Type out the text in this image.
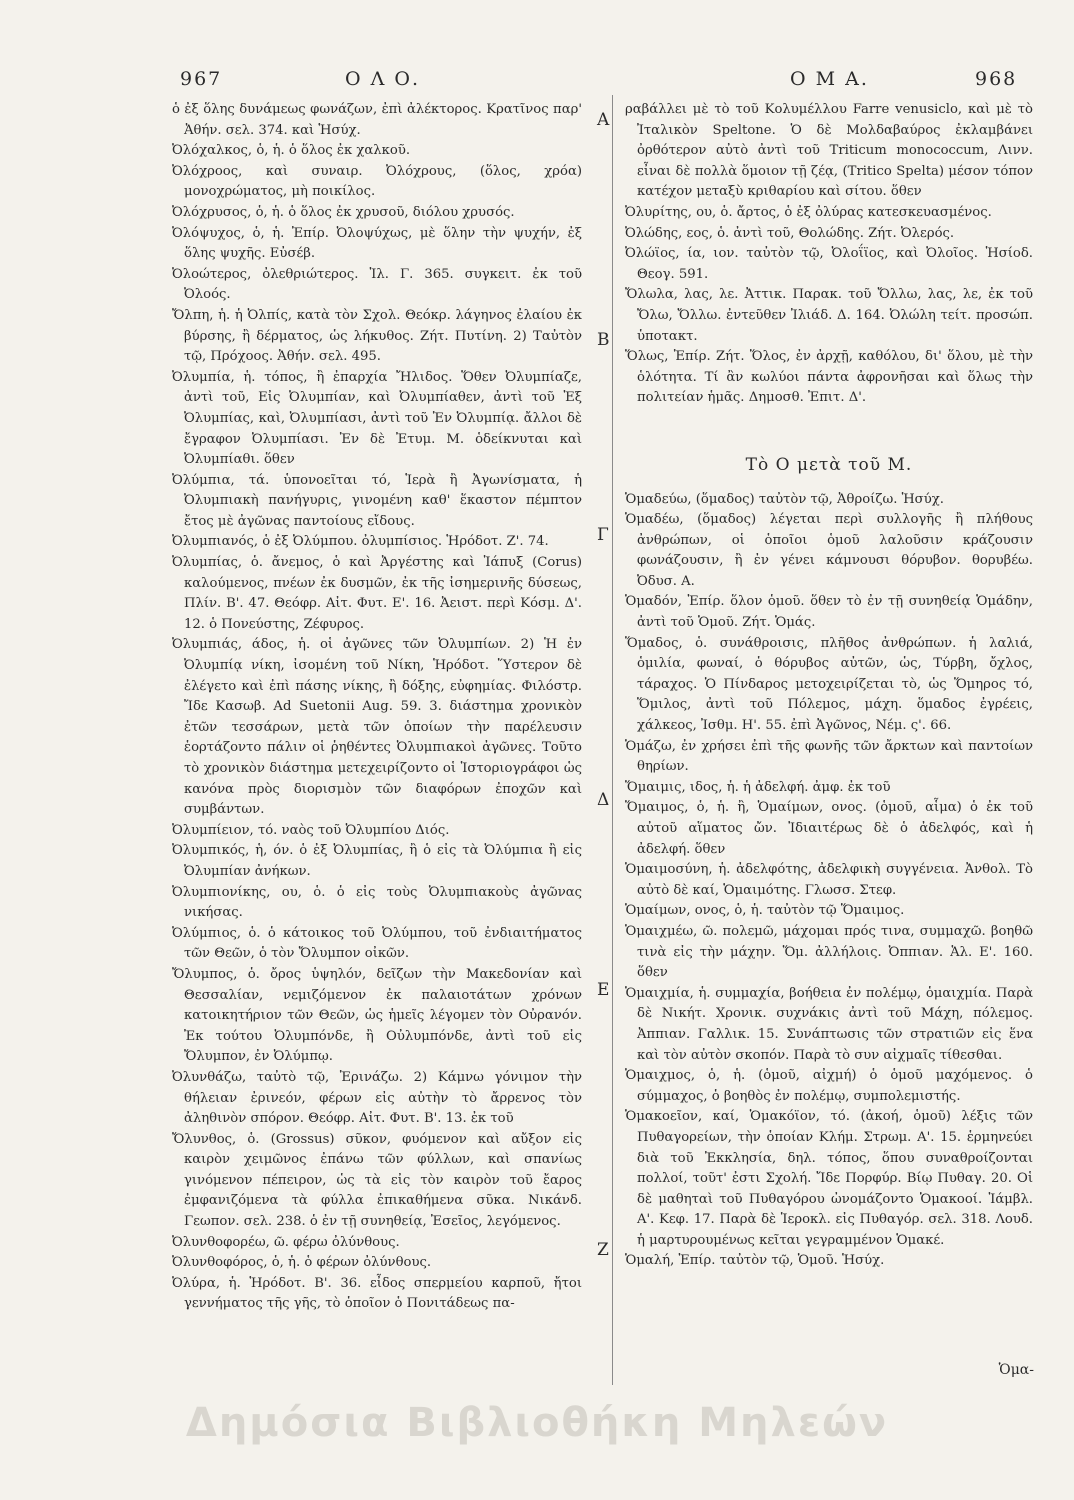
967	Ο Λ Ο.	Ο Μ Α.	968

ὁ ἐξ ὅλης δυνάμεως φωνάζων, ἐπὶ ἀλέκτορος. Κρατῖνος παρ' Ἀθήν. σελ. 374. καὶ Ἡσύχ.

Ὀλόχαλκος, ὁ, ἡ. ὁ ὅλος ἐκ χαλκοῦ.

Ὀλόχροος, καὶ συναιρ. Ὀλόχρους, (ὅλος, χρόα) μονοχρώματος, μὴ ποικίλος.

Ὀλόχρυσος, ὁ, ἡ. ὁ ὅλος ἐκ χρυσοῦ, διόλου χρυσός.

Ὀλόψυχος, ὁ, ἡ. Ἐπίρ. Ὀλοψύχως, μὲ ὅλην τὴν ψυχήν, ἐξ ὅλης ψυχῆς. Εὐσέβ.

Ὀλοώτερος, ὀλεθριώτερος. Ἰλ. Γ. 365. συγκειτ. ἐκ τοῦ Ὀλοός.

Ὄλπη, ἡ. ἡ Ὀλπίς, κατὰ τὸν Σχολ. Θεόκρ. λάγηνος ἐλαίου ἐκ βύρσης, ἢ δέρματος, ὡς λήκυθος. Ζήτ. Πυτίνη. 2) Ταὐτὸν τῷ, Πρόχοος. Ἀθήν. σελ. 495.

Ὀλυμπία, ἡ. τόπος, ἢ ἐπαρχία Ἤλιδος. Ὅθεν Ὀλυμπίαζε, ἀντὶ τοῦ, Εἰς Ὀλυμπίαν, καὶ Ὀλυμπίαθεν, ἀντὶ τοῦ Ἐξ Ὀλυμπίας, καὶ, Ὀλυμπίασι, ἀντὶ τοῦ Ἐν Ὀλυμπίᾳ. ἄλλοι δὲ ἔγραφον Ὀλυμπίασι. Ἐν δὲ Ἐτυμ. Μ. ὁδείκνυται καὶ Ὀλυμπίαθι. ὅθεν

Ὀλύμπια, τά. ὑπονοεῖται τό, Ἱερὰ ἢ Ἀγωνίσματα, ἡ Ὀλυμπιακὴ πανήγυρις, γινομένη καθ' ἕκαστον πέμπτον ἔτος μὲ ἀγῶνας παντοίους εἴδους.

Ὀλυμπιανός, ὁ ἐξ Ὀλύμπου. ὀλυμπίσιος. Ἡρόδοτ. Ζ'. 74.

Ὀλυμπίας, ὁ. ἄνεμος, ὁ καὶ Ἀργέστης καὶ Ἰάπυξ (Corus) καλούμενος, πνέων ἐκ δυσμῶν, ἐκ τῆς ἰσημερινῆς δύσεως, Πλίν. Β'. 47. Θεόφρ. Αἰτ. Φυτ. Ε'. 16. Ἀειστ. περὶ Κόσμ. Δ'. 12. ὁ Πονεύστης, Ζέφυρος.

Ὀλυμπιάς, άδος, ἡ. οἱ ἀγῶνες τῶν Ὀλυμπίων. 2) Ἡ ἐν Ὀλυμπίᾳ νίκη, ἰσομένη τοῦ Νίκη, Ἡρόδοτ. Ὕστερον δὲ ἐλέγετο καὶ ἐπὶ πάσης νίκης, ἢ δόξης, εὐφημίας. Φιλόστρ. Ἴδε Κασωβ. Ad Suetonii Aug. 59. 3. διάστημα χρονικὸν ἐτῶν τεσσάρων, μετὰ τῶν ὁποίων τὴν παρέλευσιν ἑορτάζοντο πάλιν οἱ ῥηθέντες Ὀλυμπιακοὶ ἀγῶνες. Τοῦτο τὸ χρονικὸν διάστημα μετεχειρίζοντο οἱ Ἱστοριογράφοι ὡς κανόνα πρὸς διορισμὸν τῶν διαφόρων ἐποχῶν καὶ συμβάντων.

Ὀλυμπίειον, τό. ναὸς τοῦ Ὀλυμπίου Διός.

Ὀλυμπικός, ἡ, όν. ὁ ἐξ Ὀλυμπίας, ἢ ὁ εἰς τὰ Ὀλύμπια ἢ εἰς Ὀλυμπίαν ἀνήκων.

Ὀλυμπιονίκης, ου, ὁ. ὁ εἰς τοὺς Ὀλυμπιακοὺς ἀγῶνας νικήσας.

Ὀλύμπιος, ὁ. ὁ κάτοικος τοῦ Ὀλύμπου, τοῦ ἐνδιαιτήματος τῶν Θεῶν, ὁ τὸν Ὄλυμπον οἰκῶν.

Ὄλυμπος, ὁ. ὄρος ὑψηλόν, δεῖζων τὴν Μακεδονίαν καὶ Θεσσαλίαν, νεμιζόμενον ἐκ παλαιοτάτων χρόνων κατοικητήριον τῶν Θεῶν, ὡς ἡμεῖς λέγομεν τὸν Οὐρανόν. Ἐκ τούτου Ὀλυμπόνδε, ἢ Οὐλυμπόνδε, ἀντὶ τοῦ εἰς Ὄλυμπον, ἐν Ὀλύμπῳ.

Ὀλυνθάζω, ταὐτὸ τῷ, Ἐρινάζω. 2) Κάμνω γόνιμον τὴν θήλειαν ἐρινεόν, φέρων εἰς αὐτὴν τὸ ἄρρενος τὸν ἀληθινὸν σπόρον. Θεόφρ. Αἰτ. Φυτ. Β'. 13. ἐκ τοῦ

Ὄλυνθος, ὁ. (Grossus) σῦκον, φυόμενον καὶ αὔξον εἰς καιρὸν χειμῶνος ἐπάνω τῶν φύλλων, καὶ σπανίως γινόμενον πέπειρον, ὡς τὰ εἰς τὸν καιρὸν τοῦ ἔαρος ἐμφανιζόμενα τὰ φύλλα ἐπικαθήμενα σῦκα. Νικάνδ. Γεωπον. σελ. 238. ὁ ἐν τῇ συνηθείᾳ, Ἐσεῖος, λεγόμενος.

Ὀλυνθοφορέω, ῶ. φέρω ὀλύνθους.

Ὀλυνθοφόρος, ὁ, ἡ. ὁ φέρων ὀλύνθους.

Ὀλύρα, ἡ. Ἡρόδοτ. Β'. 36. εἶδος σπερμείου καρποῦ, ἤτοι γεννήματος τῆς γῆς, τὸ ὁποῖον ὁ Πονιτάδεως πα-

Α
Β
Γ
Δ
Ε
Ζ

ραβάλλει μὲ τὸ τοῦ Κολυμέλλου Farre venusiclo, καὶ μὲ τὸ Ἰταλικὸν Speltone. Ὁ δὲ Μολδαβαύρος ἐκλαμβάνει ὀρθότερον αὐτὸ ἀντὶ τοῦ Triticum monococcum, Λινν. εἶναι δὲ πολλὰ ὅμοιον τῇ ζέᾳ, (Tritico Spelta) μέσον τόπον κατέχον μεταξὺ κριθαρίου καὶ σίτου. ὅθεν

Ὀλυρίτης, ου, ὁ. ἄρτος, ὁ ἐξ ὀλύρας κατεσκευασμένος.

Ὀλώδης, εος, ὁ. ἀντὶ τοῦ, Θολώδης. Ζήτ. Ὀλερός.

Ὀλώϊος, ία, ιον. ταὐτὸν τῷ, Ὀλοΐϊος, καὶ Ὀλοῖος. Ἡσίοδ. Θεογ. 591.

Ὄλωλα, λας, λε. Ἀττικ. Παρακ. τοῦ Ὄλλω, λας, λε, ἐκ τοῦ Ὄλω, Ὄλλω. ἐντεῦθεν Ἰλιάδ. Δ. 164. Ὀλώλη τείτ. προσώπ. ὑποτακτ.

Ὅλως, Ἐπίρ. Ζήτ. Ὅλος, ἐν ἀρχῇ, καθόλου, δι' ὅλου, μὲ τὴν ὁλότητα. Τί ἂν κωλύοι πάντα ἀφρονῆσαι καὶ ὅλως τὴν πολιτείαν ἡμᾶς. Δημοσθ. Ἐπιτ. Δ'.

Τὸ Ο μετὰ τοῦ Μ.

Ὁμαδεύω, (ὅμαδος) ταὐτὸν τῷ, Ἀθροίζω. Ἡσύχ.

Ὁμαδέω, (ὅμαδος) λέγεται περὶ συλλογῆς ἢ πλήθους ἀνθρώπων, οἱ ὁποῖοι ὁμοῦ λαλοῦσιν κράζουσιν φωνάζουσιν, ἢ ἐν γένει κάμνουσι θόρυβον. θορυβέω. Ὀδυσ. Α.

Ὁμαδόν, Ἐπίρ. ὅλον ὁμοῦ. ὅθεν τὸ ἐν τῇ συνηθείᾳ Ὁμάδην, ἀντὶ τοῦ Ὁμοῦ. Ζήτ. Ὁμάς.

Ὅμαδος, ὁ. συνάθροισις, πλῆθος ἀνθρώπων. ἡ λαλιά, ὁμιλία, φωναί, ὁ θόρυβος αὐτῶν, ὡς, Τύρβη, ὄχλος, τάραχος. Ὁ Πίνδαρος μετοχειρίζεται τὸ, ὡς Ὅμηρος τό, Ὅμιλος, ἀντὶ τοῦ Πόλεμος, μάχη. ὅμαδος ἐγρέεις, χάλκεος, Ἰσθμ. Η'. 55. ἐπὶ Ἀγῶνος, Νέμ. ς'. 66.

Ὁμάζω, ἐν χρήσει ἐπὶ τῆς φωνῆς τῶν ἄρκτων καὶ παντοίων θηρίων.

Ὅμαιμις, ιδος, ἡ. ἡ ἀδελφή. ἀμφ. ἐκ τοῦ

Ὅμαιμος, ὁ, ἡ. ἢ, Ὁμαίμων, ονος. (ὁμοῦ, αἷμα) ὁ ἐκ τοῦ αὐτοῦ αἵματος ὤν. Ἰδιαιτέρως δὲ ὁ ἀδελφός, καὶ ἡ ἀδελφή. ὅθεν

Ὁμαιμοσύνη, ἡ. ἀδελφότης, ἀδελφικὴ συγγένεια. Ἀνθολ. Τὸ αὐτὸ δὲ καί, Ὁμαιμότης. Γλωσσ. Στεφ.

Ὁμαίμων, ονος, ὁ, ἡ. ταὐτὸν τῷ Ὅμαιμος.

Ὁμαιχμέω, ῶ. πολεμῶ, μάχομαι πρός τινα, συμμαχῶ. βοηθῶ τινὰ εἰς τὴν μάχην. Ὅμ. ἀλλήλοις. Ὀππιαν. Ἁλ. Ε'. 160. ὅθεν

Ὁμαιχμία, ἡ. συμμαχία, βοήθεια ἐν πολέμῳ, ὁμαιχμία. Παρὰ δὲ Νικήτ. Χρονικ. συχνάκις ἀντὶ τοῦ Μάχη, πόλεμος. Ἀππιαν. Γαλλικ. 15. Συνάπτωσις τῶν στρατιῶν εἰς ἕνα καὶ τὸν αὐτὸν σκοπόν. Παρὰ τὸ συν αἰχμαῖς τίθεσθαι.

Ὁμαιχμος, ὁ, ἡ. (ὁμοῦ, αἰχμή) ὁ ὁμοῦ μαχόμενος. ὁ σύμμαχος, ὁ βοηθὸς ἐν πολέμῳ, συμπολεμιστής.

Ὁμακοεῖον, καί, Ὁμακόϊον, τό. (ἀκοή, ὁμοῦ) λέξις τῶν Πυθαγορείων, τὴν ὁποίαν Κλήμ. Στρωμ. Α'. 15. ἑρμηνεύει διὰ τοῦ Ἐκκλησία, δηλ. τόπος, ὅπου συναθροίζονται πολλοί, τοῦτ' ἐστι Σχολή. Ἴδε Πορφύρ. Βίῳ Πυθαγ. 20. Οἱ δὲ μαθηταὶ τοῦ Πυθαγόρου ὠνομάζοντο Ὁμακοοί. Ἰάμβλ. Α'. Κεφ. 17. Παρὰ δὲ Ἱεροκλ. εἰς Πυθαγόρ. σελ. 318. Λουδ. ἡ μαρτυρουμένως κεῖται γεγραμμένον Ὁμακέ.

Ὁμαλή, Ἐπίρ. ταὐτὸν τῷ, Ὁμοῦ. Ἡσύχ.

Ὁμα-
Δημόσια Βιβλιοθήκη Μηλεών
